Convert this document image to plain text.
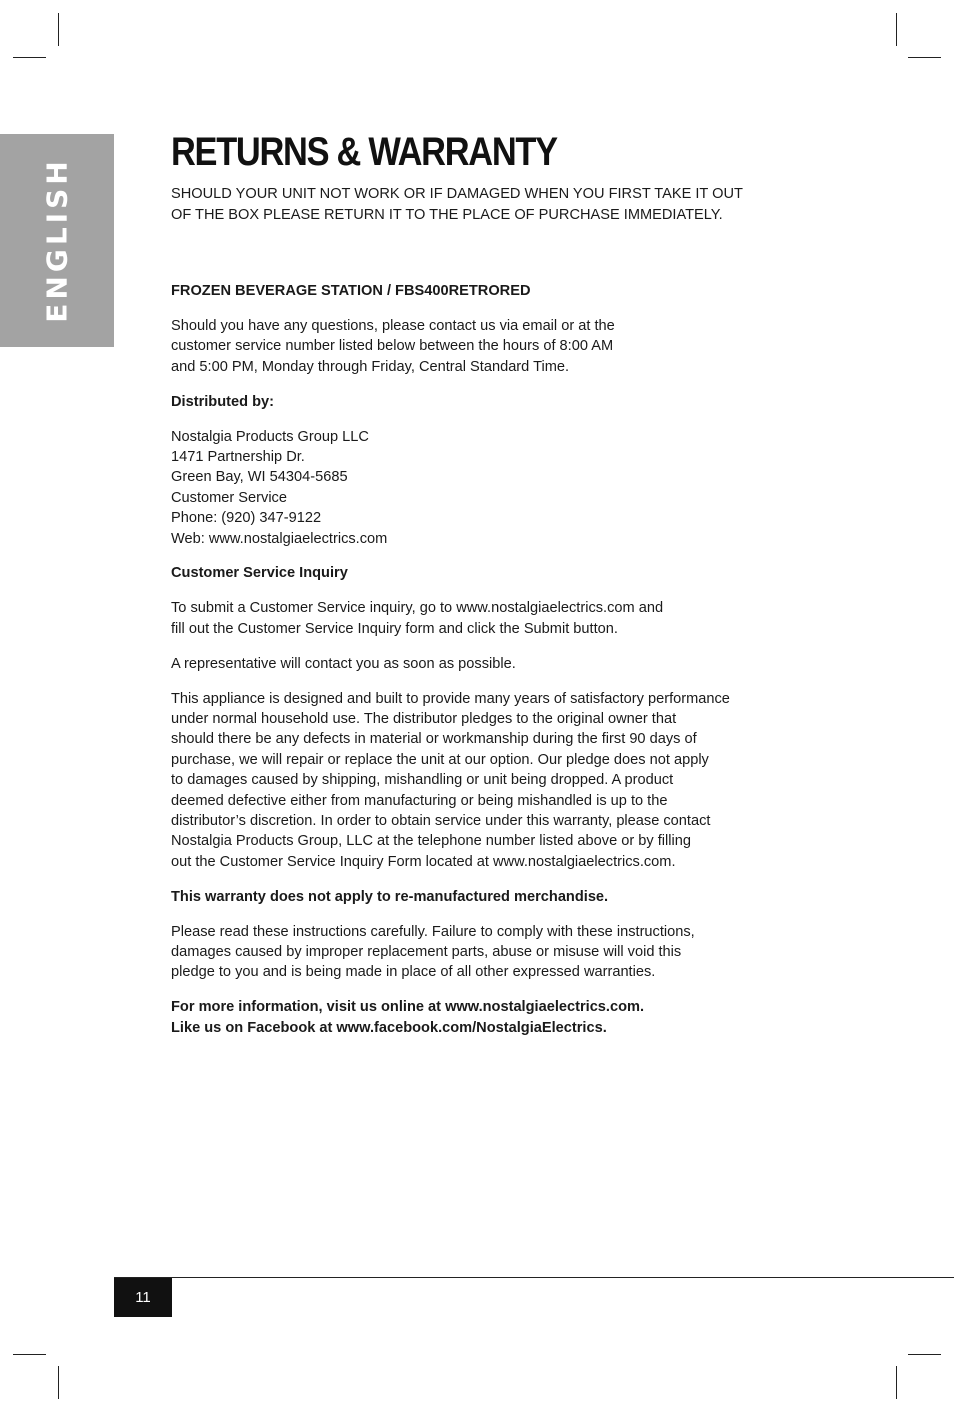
ENGLISH
RETURNS & WARRANTY
SHOULD YOUR UNIT NOT WORK OR IF DAMAGED WHEN YOU FIRST TAKE IT OUT
OF THE BOX PLEASE RETURN IT TO THE PLACE OF PURCHASE IMMEDIATELY.

FROZEN BEVERAGE STATION / FBS400RETRORED

Should you have any questions, please contact us via email or at the

customer service number listed below between the hours of 8:00 AM

and 5:00 PM, Monday through Friday, Central Standard Time.

Distributed by:

Nostalgia Products Group LLC

1471 Partnership Dr.

Green Bay, WI 54304-5685

Customer Service

Phone: (920) 347-9122

Web: www.nostalgiaelectrics.com

Customer Service Inquiry

To submit a Customer Service inquiry, go to www.nostalgiaelectrics.com and

fill out the Customer Service Inquiry form and click the Submit button.

A representative will contact you as soon as possible.

This appliance is designed and built to provide many years of satisfactory performance

under normal household use. The distributor pledges to the original owner that

should there be any defects in material or workmanship during the first 90 days of

purchase, we will repair or replace the unit at our option. Our pledge does not apply

to damages caused by shipping, mishandling or unit being dropped. A product

deemed defective either from manufacturing or being mishandled is up to the

distributor’s discretion. In order to obtain service under this warranty, please contact

Nostalgia Products Group, LLC at the telephone number listed above or by filling

out the Customer Service Inquiry Form located at www.nostalgiaelectrics.com.

This warranty does not apply to re-manufactured merchandise.

Please read these instructions carefully. Failure to comply with these instructions,

damages caused by improper replacement parts, abuse or misuse will void this

pledge to you and is being made in place of all other expressed warranties.

For more information, visit us online at www.nostalgiaelectrics.com.

Like us on Facebook at www.facebook.com/NostalgiaElectrics.

11
